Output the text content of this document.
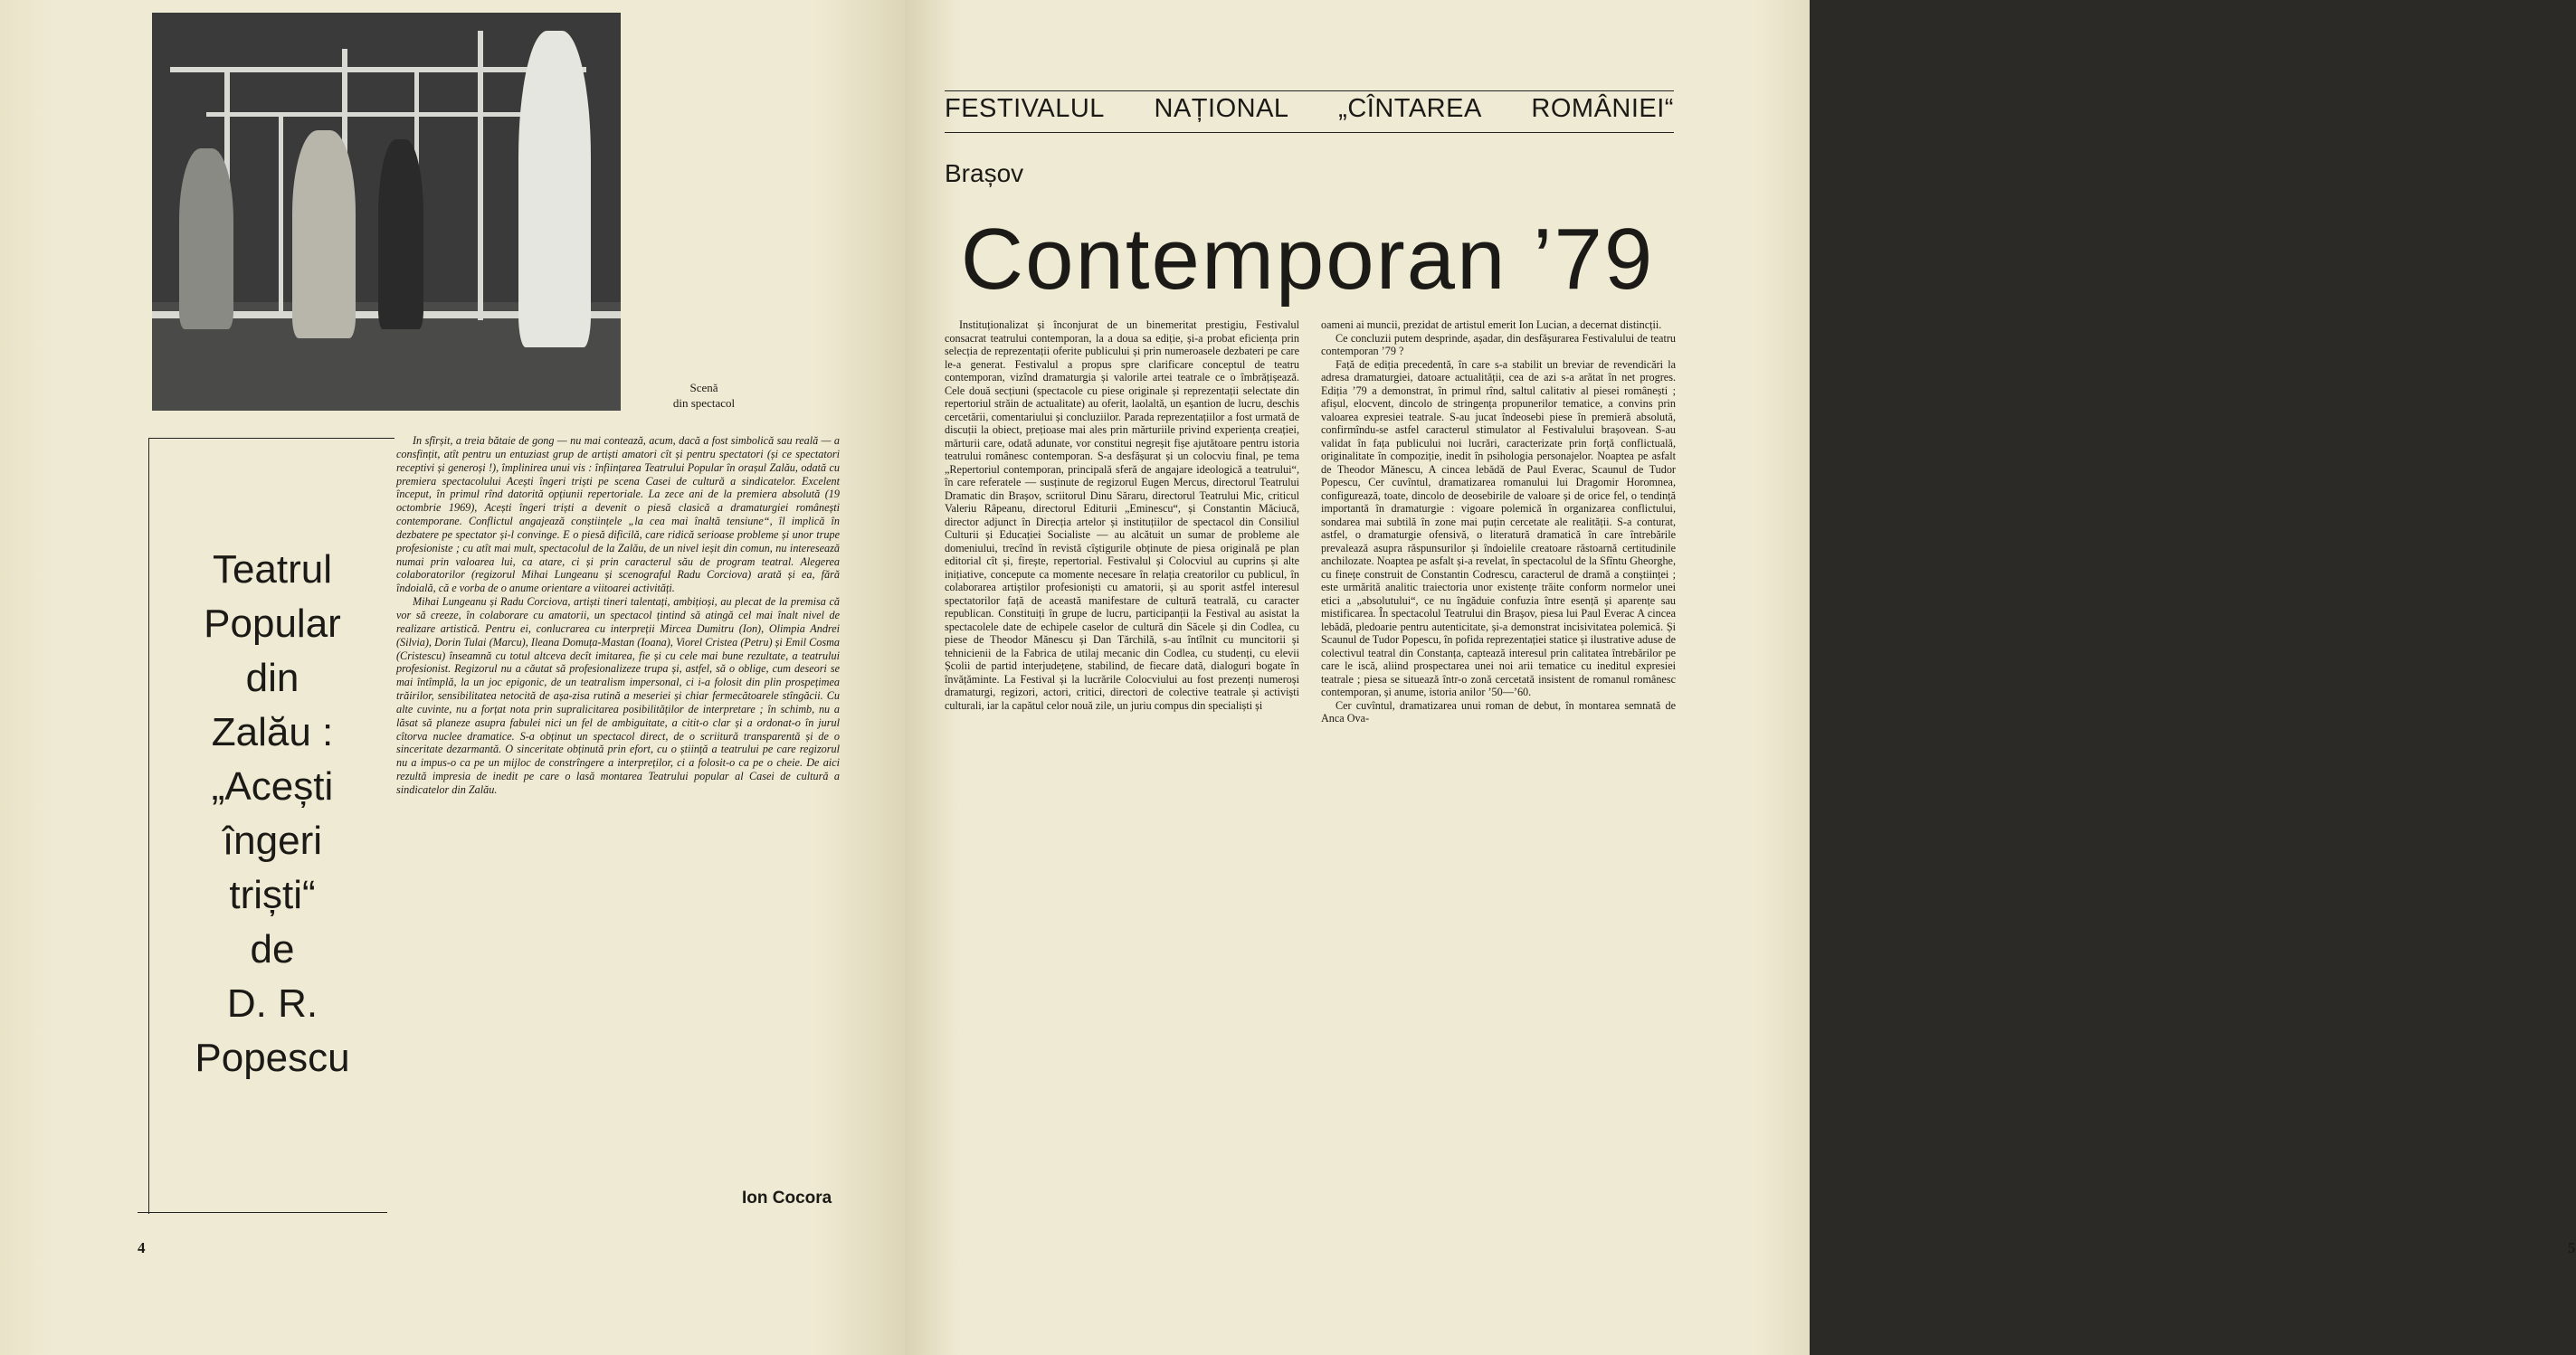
Scenă
din spectacol
Teatrul
Popular
din
Zalău :
„Acești
îngeri
triști“
de
D. R.
Popescu

In sfîrșit, a treia bătaie de gong — nu mai contează, acum, dacă a fost simbolică sau reală — a consfințit, atît pentru un entuziast grup de artiști amatori cît și pentru spectatori (și ce spectatori receptivi și generoși !), împlinirea unui vis : înființarea Teatrului Popular în orașul Zalău, odată cu premiera spectacolului Acești îngeri triști pe scena Casei de cultură a sindicatelor. Excelent început, în primul rînd datorită opțiunii repertoriale. La zece ani de la premiera absolută (19 octombrie 1969), Acești îngeri triști a devenit o piesă clasică a dramaturgiei românești contemporane. Conflictul angajează conștiințele „la cea mai înaltă tensiune“, îl implică în dezbatere pe spectator și-l convinge. E o piesă dificilă, care ridică serioase probleme și unor trupe profesioniste ; cu atît mai mult, spectacolul de la Zalău, de un nivel ieșit din comun, nu interesează numai prin valoarea lui, ca atare, ci și prin caracterul său de program teatral. Alegerea colaboratorilor (regizorul Mihai Lungeanu și scenograful Radu Corciova) arată și ea, fără îndoială, că e vorba de o anume orientare a viitoarei activități.

Mihai Lungeanu și Radu Corciova, artiști tineri talentați, ambițioși, au plecat de la premisa că vor să creeze, în colaborare cu amatorii, un spectacol țintind să atingă cel mai înalt nivel de realizare artistică. Pentru ei, conlucrarea cu interpreții Mircea Dumitru (Ion), Olimpia Andrei (Silvia), Dorin Tulai (Marcu), Ileana Domuța-Mastan (Ioana), Viorel Cristea (Petru) și Emil Cosma (Cristescu) înseamnă cu totul altceva decît imitarea, fie și cu cele mai bune rezultate, a teatrului profesionist. Regizorul nu a căutat să profesionalizeze trupa și, astfel, să o oblige, cum deseori se mai întîmplă, la un joc epigonic, de un teatralism impersonal, ci i-a folosit din plin prospețimea trăirilor, sensibilitatea netocită de așa-zisa rutină a meseriei și chiar fermecătoarele stîngăcii. Cu alte cuvinte, nu a forțat nota prin supralicitarea posibilităților de interpretare ; în schimb, nu a lăsat să planeze asupra fabulei nici un fel de ambiguitate, a citit-o clar și a ordonat-o în jurul cîtorva nuclee dramatice. S-a obținut un spectacol direct, de o scriitură transparentă și de o sinceritate dezarmantă. O sinceritate obținută prin efort, cu o știință a teatrului pe care regizorul nu a impus-o ca pe un mijloc de constrîngere a interpreților, ci a folosit-o ca pe o cheie. De aici rezultă impresia de inedit pe care o lasă montarea Teatrului popular al Casei de cultură a sindicatelor din Zalău.

Ion Cocora
4
FESTIVALUL NAȚIONAL „CÎNTAREA ROMÂNIEI“
Brașov
Contemporan ’79

Instituționalizat și înconjurat de un binemeritat prestigiu, Festivalul consacrat teatrului contemporan, la a doua sa ediție, și-a probat eficiența prin selecția de reprezentații oferite publicului și prin numeroasele dezbateri pe care le-a generat. Festivalul a propus spre clarificare conceptul de teatru contemporan, vizînd dramaturgia și valorile artei teatrale ce o îmbrățișează. Cele două secțiuni (spectacole cu piese originale și reprezentații selectate din repertoriul străin de actualitate) au oferit, laolaltă, un eșantion de lucru, deschis cercetării, comentariului și concluziilor. Parada reprezentațiilor a fost urmată de discuții la obiect, prețioase mai ales prin mărturiile privind experiența creației, mărturii care, odată adunate, vor constitui negreșit fișe ajutătoare pentru istoria teatrului românesc contemporan. S-a desfășurat și un colocviu final, pe tema „Repertoriul contemporan, principală sferă de angajare ideologică a teatrului“, în care referatele — susținute de regizorul Eugen Mercus, directorul Teatrului Dramatic din Brașov, scriitorul Dinu Săraru, directorul Teatrului Mic, criticul Valeriu Râpeanu, directorul Editurii „Eminescu“, și Constantin Măciucă, director adjunct în Direcția artelor și instituțiilor de spectacol din Consiliul Culturii și Educației Socialiste — au alcătuit un sumar de probleme ale domeniului, trecînd în revistă cîștigurile obținute de piesa originală pe plan editorial cît și, firește, repertorial. Festivalul și Colocviul au cuprins și alte inițiative, concepute ca momente necesare în relația creatorilor cu publicul, în colaborarea artiștilor profesioniști cu amatorii, și au sporit astfel interesul spectatorilor față de această manifestare de cultură teatrală, cu caracter republican. Constituiți în grupe de lucru, participanții la Festival au asistat la spectacolele date de echipele caselor de cultură din Săcele și din Codlea, cu piese de Theodor Mănescu și Dan Tărchilă, s-au întîlnit cu muncitorii și tehnicienii de la Fabrica de utilaj mecanic din Codlea, cu studenți, cu elevii Școlii de partid interjudețene, stabilind, de fiecare dată, dialoguri bogate în învățăminte. La Festival și la lucrările Colocviului au fost prezenți numeroși dramaturgi, regizori, actori, critici, directori de colective teatrale și activiști culturali, iar la capătul celor nouă zile, un juriu compus din specialiști și

oameni ai muncii, prezidat de artistul emerit Ion Lucian, a decernat distincții.

Ce concluzii putem desprinde, așadar, din desfășurarea Festivalului de teatru contemporan ’79 ?

Față de ediția precedentă, în care s-a stabilit un breviar de revendicări la adresa dramaturgiei, datoare actualității, cea de azi s-a arătat în net progres. Ediția ’79 a demonstrat, în primul rînd, saltul calitativ al piesei românești ; afișul, elocvent, dincolo de stringența propunerilor tematice, a convins prin valoarea expresiei teatrale. S-au jucat îndeosebi piese în premieră absolută, confirmîndu-se astfel caracterul stimulator al Festivalului brașovean. S-au validat în fața publicului noi lucrări, caracterizate prin forță conflictuală, originalitate în compoziție, inedit în psihologia personajelor. Noaptea pe asfalt de Theodor Mănescu, A cincea lebădă de Paul Everac, Scaunul de Tudor Popescu, Cer cuvîntul, dramatizarea romanului lui Dragomir Horomnea, configurează, toate, dincolo de deosebirile de valoare și de orice fel, o tendință importantă în dramaturgie : vigoare polemică în organizarea conflictului, sondarea mai subtilă în zone mai puțin cercetate ale realității. S-a conturat, astfel, o dramaturgie ofensivă, o literatură dramatică în care întrebările prevalează asupra răspunsurilor și îndoielile creatoare răstoarnă certitudinile anchilozate. Noaptea pe asfalt și-a revelat, în spectacolul de la Sfîntu Gheorghe, cu finețe construit de Constantin Codrescu, caracterul de dramă a conștiinței ; este urmărită analitic traiectoria unor existențe trăite conform normelor unei etici a „absolutului“, ce nu îngăduie confuzia între esență și aparențe sau mistificarea. În spectacolul Teatrului din Brașov, piesa lui Paul Everac A cincea lebădă, pledoarie pentru autenticitate, și-a demonstrat incisivitatea polemică. Și Scaunul de Tudor Popescu, în pofida reprezentației statice și ilustrative aduse de colectivul teatral din Constanța, captează interesul prin calitatea întrebărilor pe care le iscă, aliind prospectarea unei noi arii tematice cu ineditul expresiei teatrale ; piesa se situează într-o zonă cercetată insistent de romanul românesc contemporan, și anume, istoria anilor ’50—’60.

Cer cuvîntul, dramatizarea unui roman de debut, în montarea semnată de Anca Ova-

5
